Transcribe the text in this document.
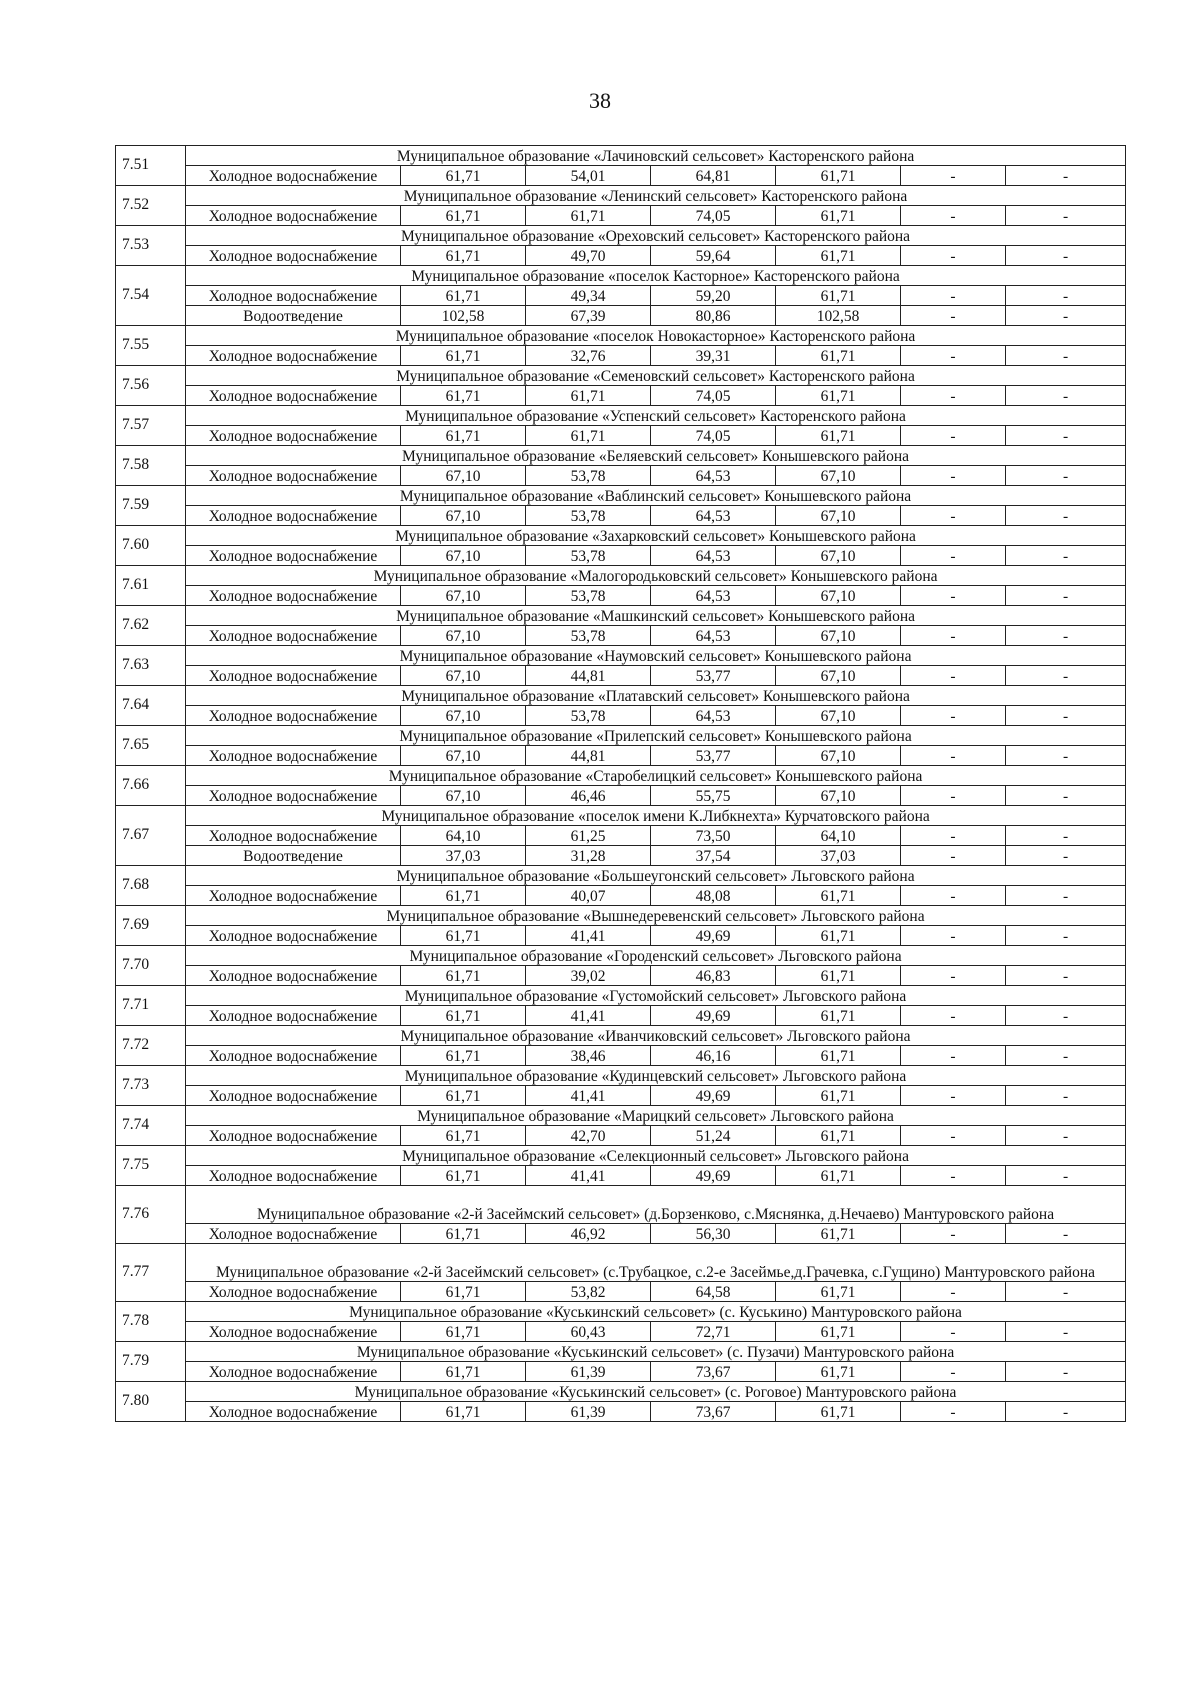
38
7.51	Муниципальное образование «Лачиновский сельсовет» Касторенского района						
	Холодное водоснабжение	61,71	54,01	64,81	61,71	-	-
7.52	Муниципальное образование «Ленинский сельсовет» Касторенского района						
	Холодное водоснабжение	61,71	61,71	74,05	61,71	-	-
7.53	Муниципальное образование «Ореховский сельсовет» Касторенского района						
	Холодное водоснабжение	61,71	49,70	59,64	61,71	-	-
7.54	Муниципальное образование «поселок Касторное» Касторенского района						
	Холодное водоснабжение	61,71	49,34	59,20	61,71	-	-
	Водоотведение	102,58	67,39	80,86	102,58	-	-
7.55	Муниципальное образование «поселок Новокасторное» Касторенского района						
	Холодное водоснабжение	61,71	32,76	39,31	61,71	-	-
7.56	Муниципальное образование «Семеновский сельсовет» Касторенского района						
	Холодное водоснабжение	61,71	61,71	74,05	61,71	-	-
7.57	Муниципальное образование «Успенский сельсовет» Касторенского района						
	Холодное водоснабжение	61,71	61,71	74,05	61,71	-	-
7.58	Муниципальное образование «Беляевский сельсовет» Конышевского района						
	Холодное водоснабжение	67,10	53,78	64,53	67,10	-	-
7.59	Муниципальное образование «Ваблинский сельсовет» Конышевского района						
	Холодное водоснабжение	67,10	53,78	64,53	67,10	-	-
7.60	Муниципальное образование «Захарковский сельсовет» Конышевского района						
	Холодное водоснабжение	67,10	53,78	64,53	67,10	-	-
7.61	Муниципальное образование «Малогородьковский сельсовет» Конышевского района						
	Холодное водоснабжение	67,10	53,78	64,53	67,10	-	-
7.62	Муниципальное образование «Машкинский сельсовет» Конышевского района						
	Холодное водоснабжение	67,10	53,78	64,53	67,10	-	-
7.63	Муниципальное образование «Наумовский сельсовет» Конышевского района						
	Холодное водоснабжение	67,10	44,81	53,77	67,10	-	-
7.64	Муниципальное образование «Платавский сельсовет» Конышевского района						
	Холодное водоснабжение	67,10	53,78	64,53	67,10	-	-
7.65	Муниципальное образование «Прилепский сельсовет» Конышевского района						
	Холодное водоснабжение	67,10	44,81	53,77	67,10	-	-
7.66	Муниципальное образование «Старобелицкий сельсовет» Конышевского района						
	Холодное водоснабжение	67,10	46,46	55,75	67,10	-	-
7.67	Муниципальное образование «поселок имени К.Либкнехта» Курчатовского района						
	Холодное водоснабжение	64,10	61,25	73,50	64,10	-	-
	Водоотведение	37,03	31,28	37,54	37,03	-	-
7.68	Муниципальное образование «Большеугонский сельсовет» Льговского района						
	Холодное водоснабжение	61,71	40,07	48,08	61,71	-	-
7.69	Муниципальное образование «Вышнедеревенский сельсовет» Льговского района						
	Холодное водоснабжение	61,71	41,41	49,69	61,71	-	-
7.70	Муниципальное образование «Городенский сельсовет» Льговского района						
	Холодное водоснабжение	61,71	39,02	46,83	61,71	-	-
7.71	Муниципальное образование «Густомойский сельсовет» Льговского района						
	Холодное водоснабжение	61,71	41,41	49,69	61,71	-	-
7.72	Муниципальное образование «Иванчиковский сельсовет» Льговского района						
	Холодное водоснабжение	61,71	38,46	46,16	61,71	-	-
7.73	Муниципальное образование «Кудинцевский сельсовет» Льговского района						
	Холодное водоснабжение	61,71	41,41	49,69	61,71	-	-
7.74	Муниципальное образование «Марицкий сельсовет» Льговского района						
	Холодное водоснабжение	61,71	42,70	51,24	61,71	-	-
7.75	Муниципальное образование «Селекционный сельсовет» Льговского района						
	Холодное водоснабжение	61,71	41,41	49,69	61,71	-	-
7.76	Муниципальное образование «2-й Засеймский сельсовет» (д.Борзенково, с.Мяснянка, д.Нечаево) Мантуровского района						
	Холодное водоснабжение	61,71	46,92	56,30	61,71	-	-
7.77	Муниципальное образование «2-й Засеймский сельсовет» (с.Трубацкое, с.2-е Засеймье,д.Грачевка, с.Гущино) Мантуровского района						
	Холодное водоснабжение	61,71	53,82	64,58	61,71	-	-
7.78	Муниципальное образование «Куськинский сельсовет» (с. Куськино) Мантуровского района						
	Холодное водоснабжение	61,71	60,43	72,71	61,71	-	-
7.79	Муниципальное образование «Куськинский сельсовет» (с. Пузачи) Мантуровского района						
	Холодное водоснабжение	61,71	61,39	73,67	61,71	-	-
7.80	Муниципальное образование «Куськинский сельсовет» (с. Роговое) Мантуровского района						
	Холодное водоснабжение	61,71	61,39	73,67	61,71	-	-
